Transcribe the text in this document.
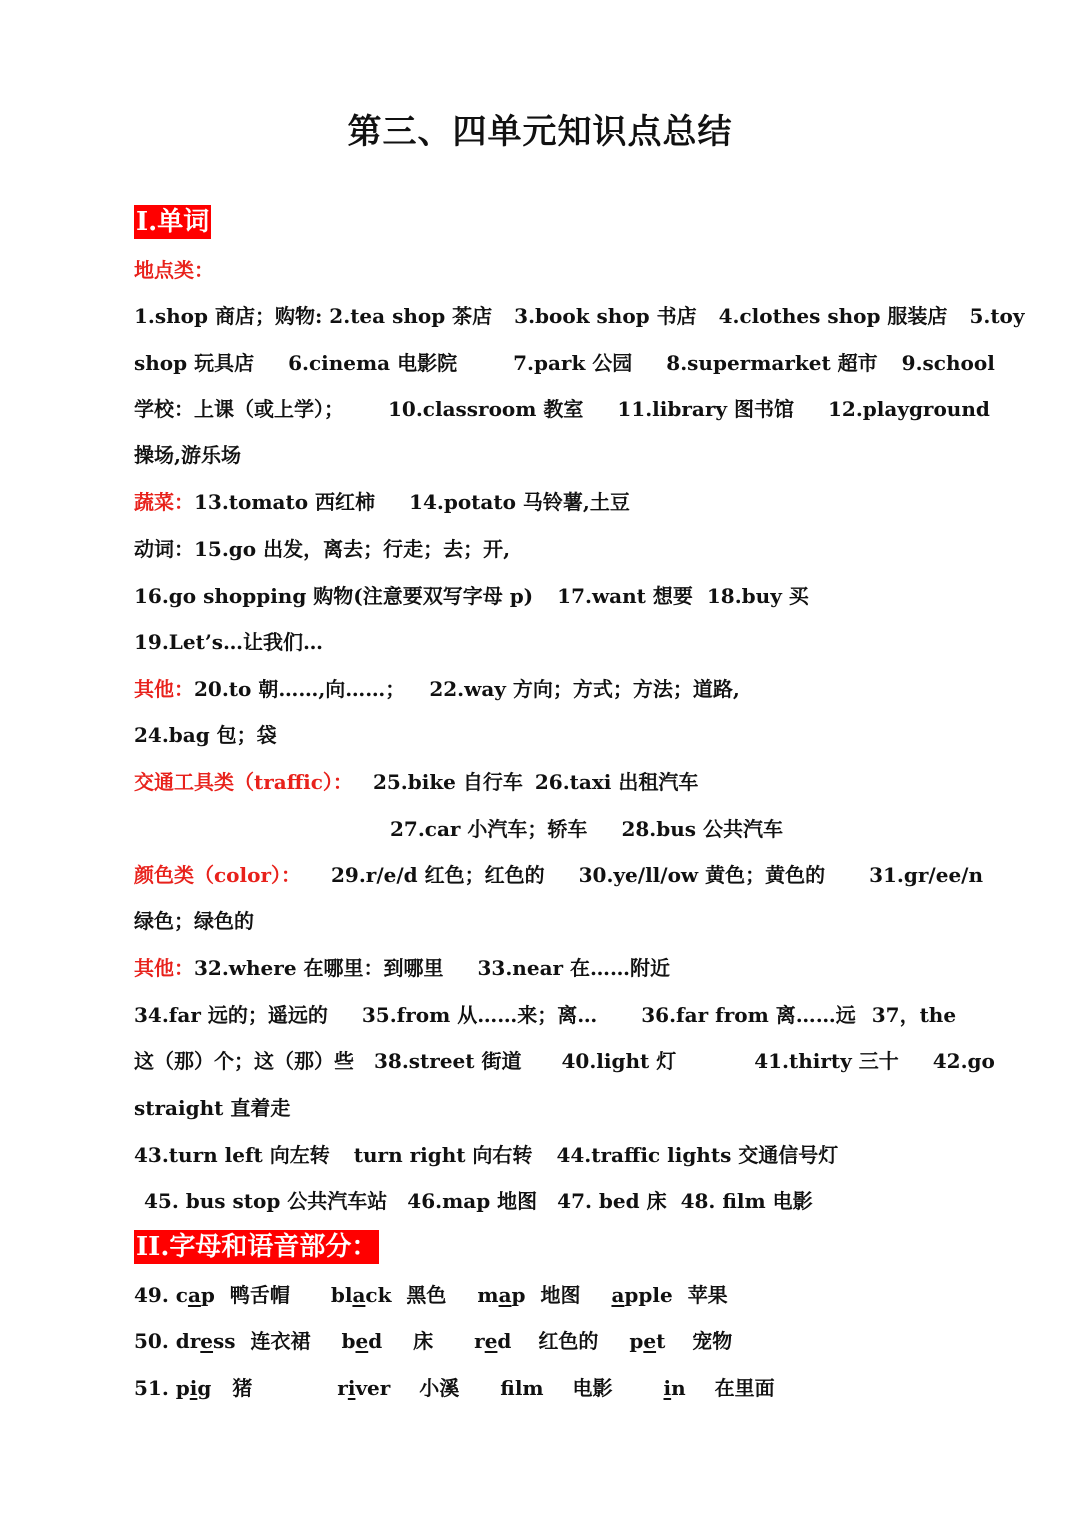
第三、四单元知识点总结
I.单词
地点类：
1.shop 商店；购物: 2.tea shop 茶店 3.book shop 书店 4.clothes shop 服装店 5.toy
shop 玩具店 6.cinema 电影院	7.park 公园 8.supermarket 超市 9.school
学校：上课（或上学）； 10.classroom 教室 11.library 图书馆 12.playground
操场,游乐场
蔬菜：13.tomato 西红柿 14.potato 马铃薯,土豆
动词：15.go 出发，离去；行走；去；开,
16.go shopping 购物(注意要双写字母 p) 17.want 想要 18.buy 买
19.Let’s…让我们…
其他：20.to 朝……,向……； 22.way 方向；方式；方法；道路,
24.bag 包；袋
交通工具类（traffic）： 25.bike 自行车 26.taxi 出租汽车
27.car 小汽车；轿车 28.bus 公共汽车
颜色类（color）： 29.r/e/d 红色；红色的 30.ye/ll/ow 黄色；黄色的 31.gr/ee/n
绿色；绿色的
其他：32.where 在哪里：到哪里 33.near 在……附近
34.far 远的；遥远的 35.from 从……来；离… 36.far from 离……远 37，the
这（那）个；这（那）些 38.street 街道 40.light 灯	41.thirty 三十 42.go
straight 直着走
43.turn left 向左转 turn right 向右转 44.traffic lights 交通信号灯
45. bus stop 公共汽车站 46.map 地图 47. bed 床 48. film 电影
II.字母和语音部分：
49. cap 鸭舌帽 black 黑色 map 地图 apple 苹果
50. dress 连衣裙 bed 床 red 红色的 pet 宠物
51. pig 猪	river 小溪 flm 电影	in 在里面
